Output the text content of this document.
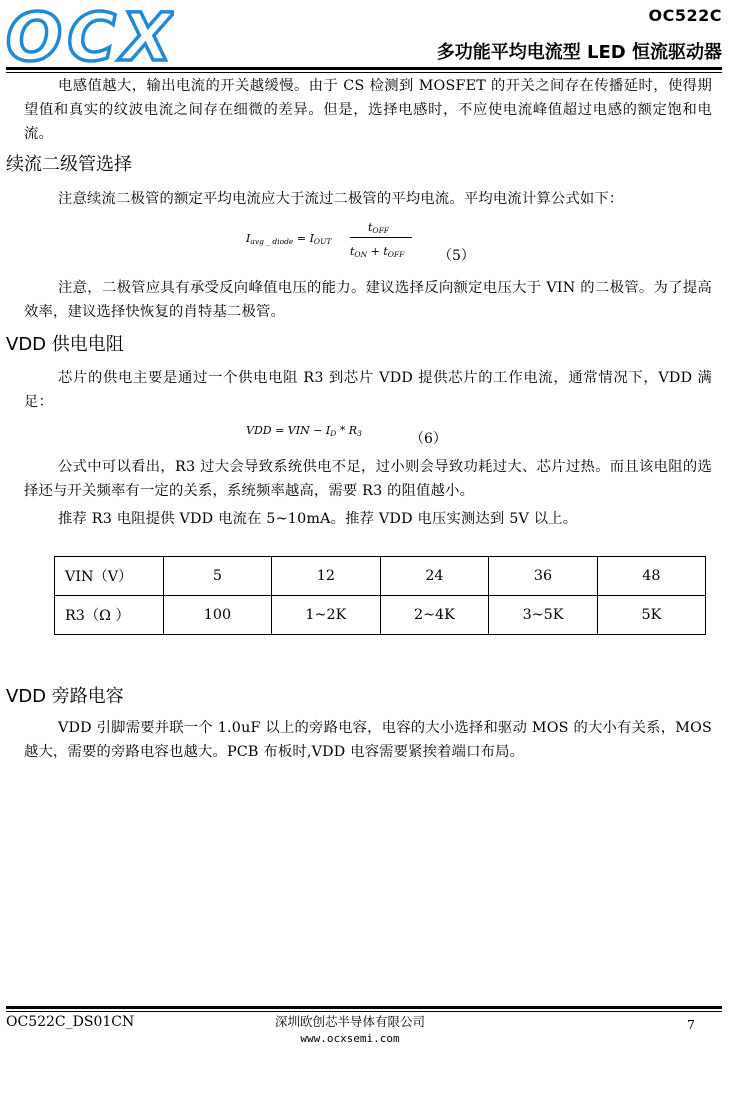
OCX	OC522C
多功能平均电流型 LED 恒流驱动器
电感值越大，输出电流的开关越缓慢。由于 CS 检测到 MOSFET 的开关之间存在传播延时，使得期望值和真实的纹波电流之间存在细微的差异。但是，选择电感时，不应使电流峰值超过电感的额定饱和电流。
续流二级管选择
注意续流二极管的额定平均电流应大于流过二极管的平均电流。平均电流计算公式如下：
$I_{avg \_ diode} = I_{OUT}$
$t_{OFF}$
$t_{ON} + t_{OFF}$ （5）
注意，二极管应具有承受反向峰值电压的能力。建议选择反向额定电压大于 VIN 的二极管。为了提高效率，建议选择快恢复的肖特基二极管。
VDD 供电电阻
芯片的供电主要是通过一个供电电阻 R3 到芯片 VDD 提供芯片的工作电流，通常情况下，VDD 满足：
VDD = VIN − $I_D * R_3$	（6）
公式中可以看出，R3 过大会导致系统供电不足，过小则会导致功耗过大、芯片过热。而且该电阻的选择还与开关频率有一定的关系，系统频率越高，需要 R3 的阻值越小。
推荐 R3 电阻提供 VDD 电流在 5~10mA。推荐 VDD 电压实测达到 5V 以上。
VIN（V）	5	12	24	36	48
R3（Ω ）	100	1~2K	2~4K	3~5K	5K
VDD 旁路电容
VDD 引脚需要并联一个 1.0uF 以上的旁路电容，电容的大小选择和驱动 MOS 的大小有关系，MOS 越大，需要的旁路电容也越大。PCB 布板时,VDD 电容需要紧挨着端口布局。
OC522C_DS01CN	深圳欧创芯半导体有限公司
www.ocxsemi.com
7
